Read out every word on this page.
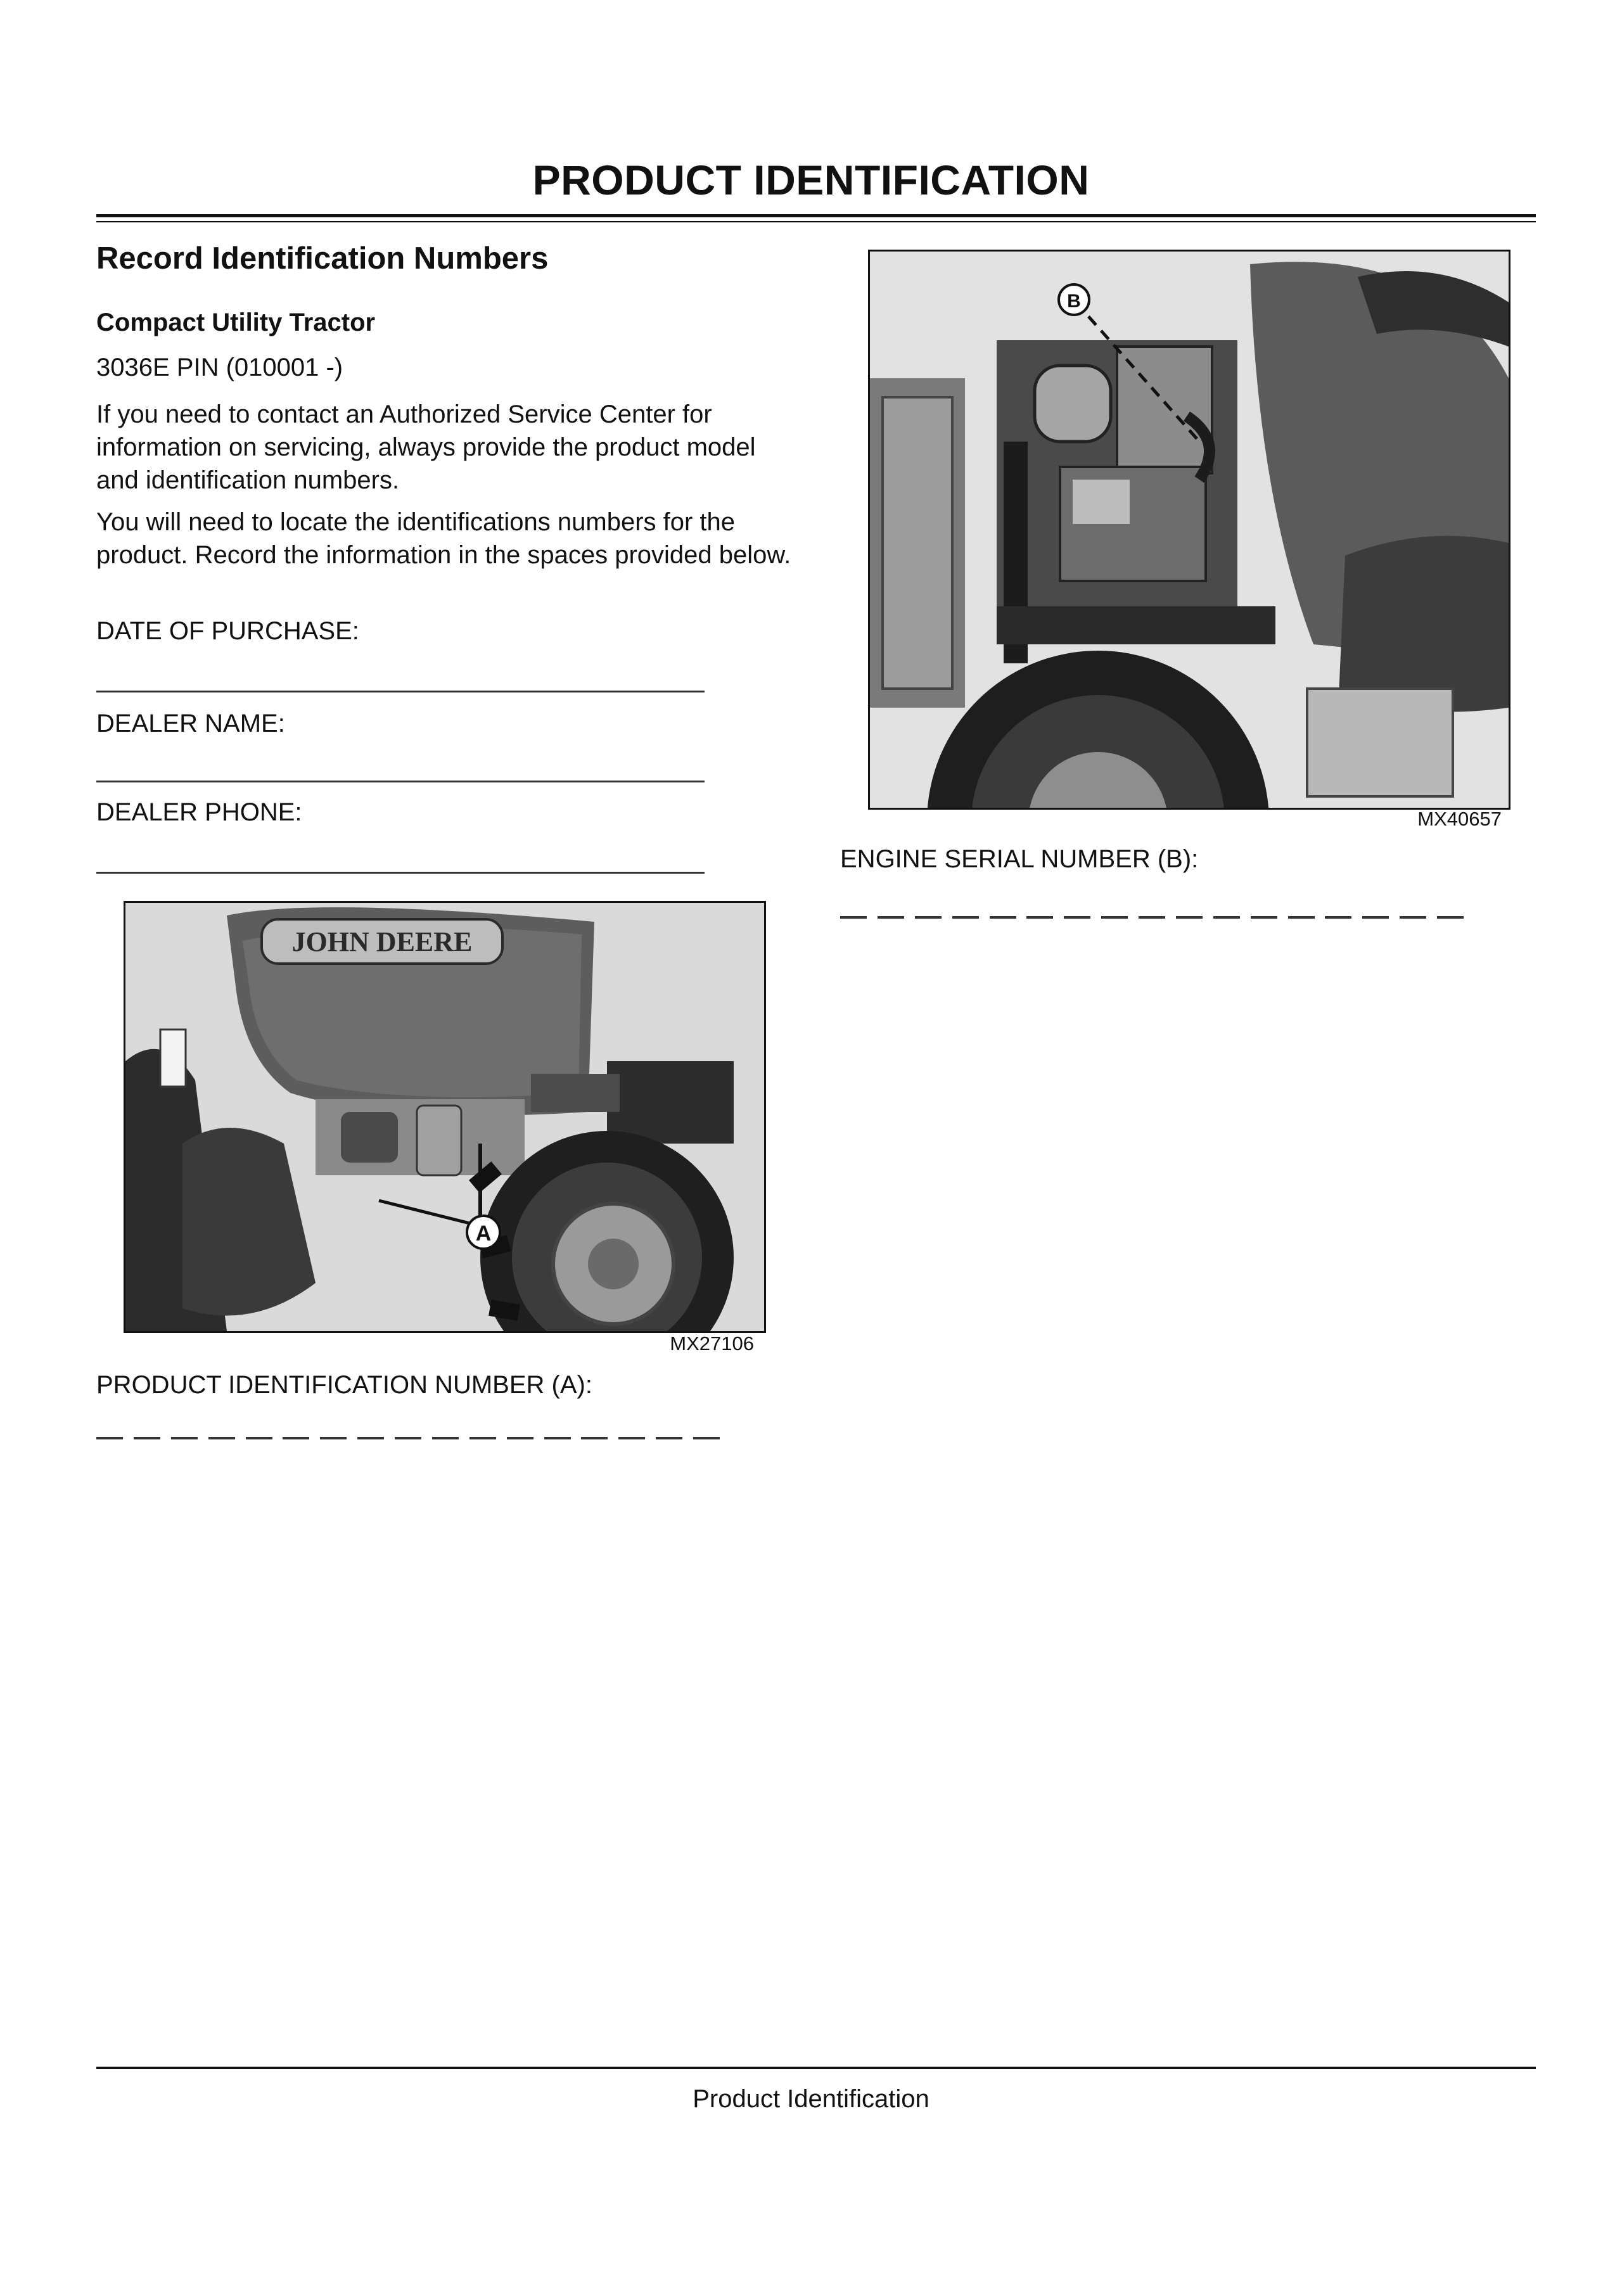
PRODUCT IDENTIFICATION
Record Identification Numbers
Compact Utility Tractor
3036E PIN (010001 -)
If you need to contact an Authorized Service Center for information on servicing, always provide the product model and identification numbers.
You will need to locate the identifications numbers for the product. Record the information in the spaces provided below.
DATE OF PURCHASE:
DEALER NAME:
DEALER PHONE:
JOHN DEERE
A
MX27106
PRODUCT IDENTIFICATION NUMBER (A):
B
MX40657
ENGINE SERIAL NUMBER (B):
Product Identification
